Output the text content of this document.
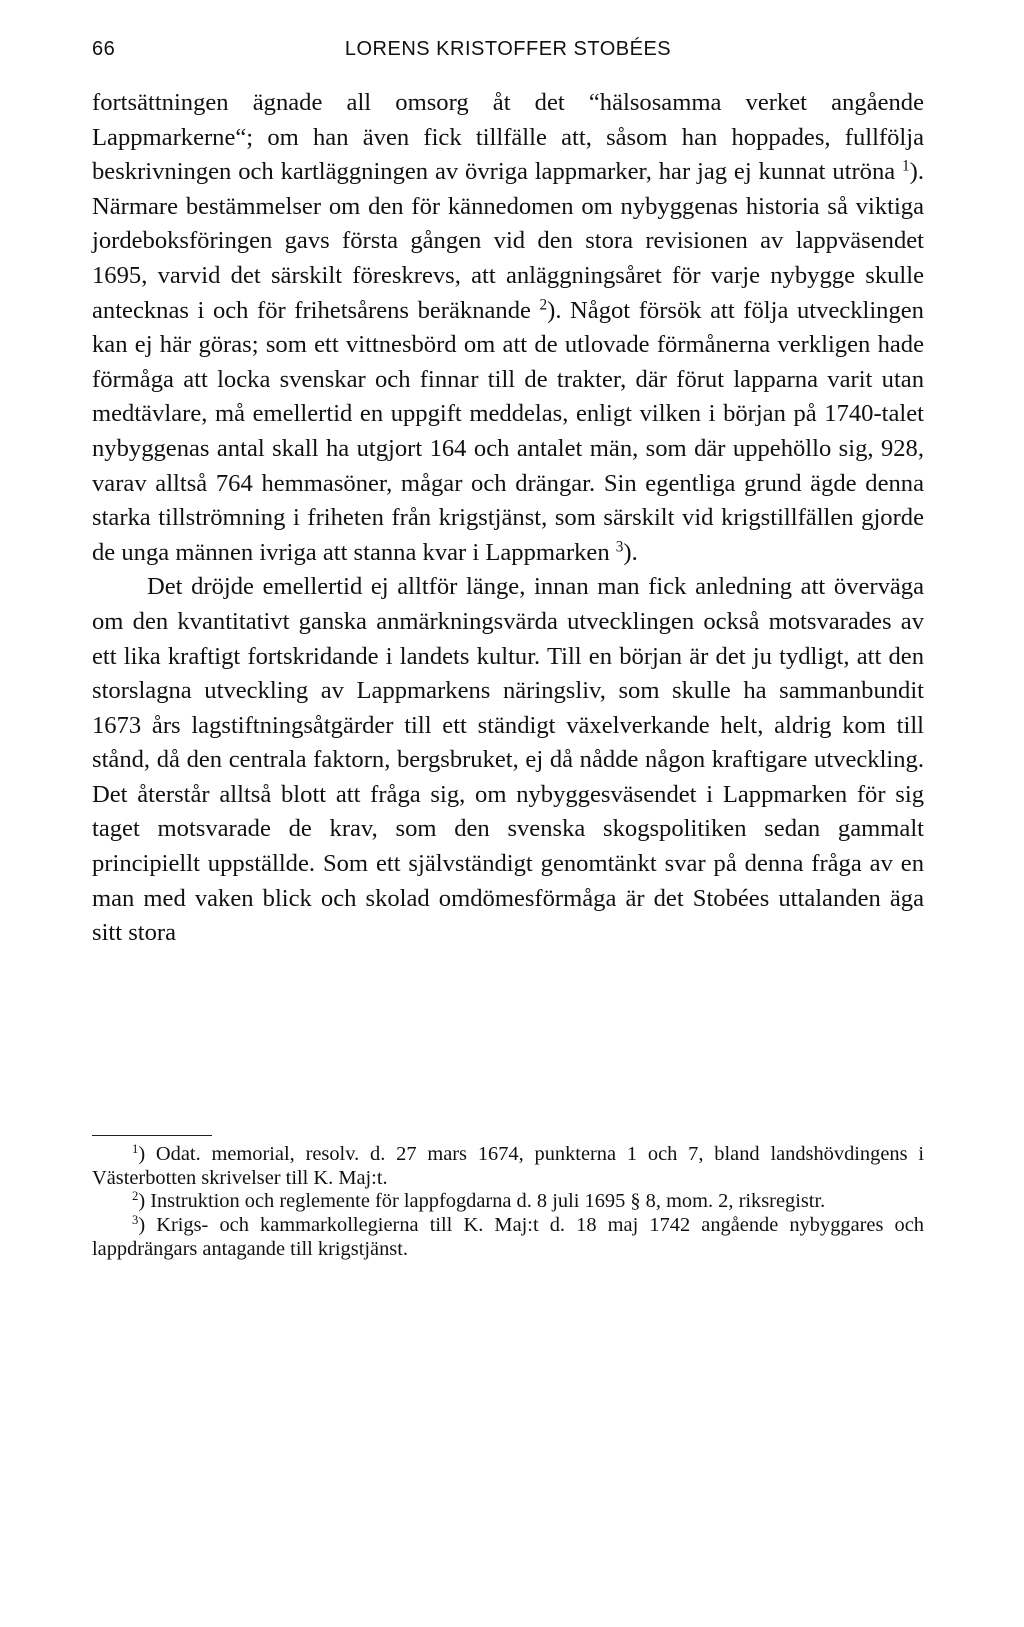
66	LORENS KRISTOFFER STOBÉES

fortsättningen ägnade all omsorg åt det “hälsosamma verket angående Lappmarkerne“; om han även fick tillfälle att, såsom han hoppades, fullfölja beskrivningen och kartläggningen av övriga lappmarker, har jag ej kunnat utröna $^1$). Närmare bestämmelser om den för kännedomen om nybyggenas historia så viktiga jordeboksföringen gavs första gången vid den stora revisionen av lappväsendet 1695, varvid det särskilt föreskrevs, att anläggningsåret för varje nybygge skulle antecknas i och för frihetsårens beräknande $^2$). Något försök att följa utvecklingen kan ej här göras; som ett vittnesbörd om att de utlovade förmånerna verkligen hade förmåga att locka svenskar och finnar till de trakter, där förut lapparna varit utan medtävlare, må emellertid en uppgift meddelas, enligt vilken i början på 1740-talet nybyggenas antal skall ha utgjort 164 och antalet män, som där uppehöllo sig, 928, varav alltså 764 hemmasöner, mågar och drängar. Sin egentliga grund ägde denna starka tillströmning i friheten från krigstjänst, som särskilt vid krigstillfällen gjorde de unga männen ivriga att stanna kvar i Lappmarken $^3$).

Det dröjde emellertid ej alltför länge, innan man fick anledning att överväga om den kvantitativt ganska anmärkningsvärda utvecklingen också motsvarades av ett lika kraftigt fortskridande i landets kultur. Till en början är det ju tydligt, att den storslagna utveckling av Lappmarkens näringsliv, som skulle ha sammanbundit 1673 års lagstiftningsåtgärder till ett ständigt växelverkande helt, aldrig kom till stånd, då den centrala faktorn, bergsbruket, ej då nådde någon kraftigare utveckling. Det återstår alltså blott att fråga sig, om nybyggesväsendet i Lappmarken för sig taget motsvarade de krav, som den svenska skogspolitiken sedan gammalt principiellt uppställde. Som ett självständigt genomtänkt svar på denna fråga av en man med vaken blick och skolad omdömesförmåga är det Stobées uttalanden äga sitt stora

$^1$) Odat. memorial, resolv. d. 27 mars 1674, punkterna 1 och 7, bland landshövdingens i Västerbotten skrivelser till K. Maj:t.

$^2$) Instruktion och reglemente för lappfogdarna d. 8 juli 1695 § 8, mom. 2, riksregistr.

$^3$) Krigs- och kammarkollegierna till K. Maj:t d. 18 maj 1742 angående nybyggares och lappdrängars antagande till krigstjänst.
